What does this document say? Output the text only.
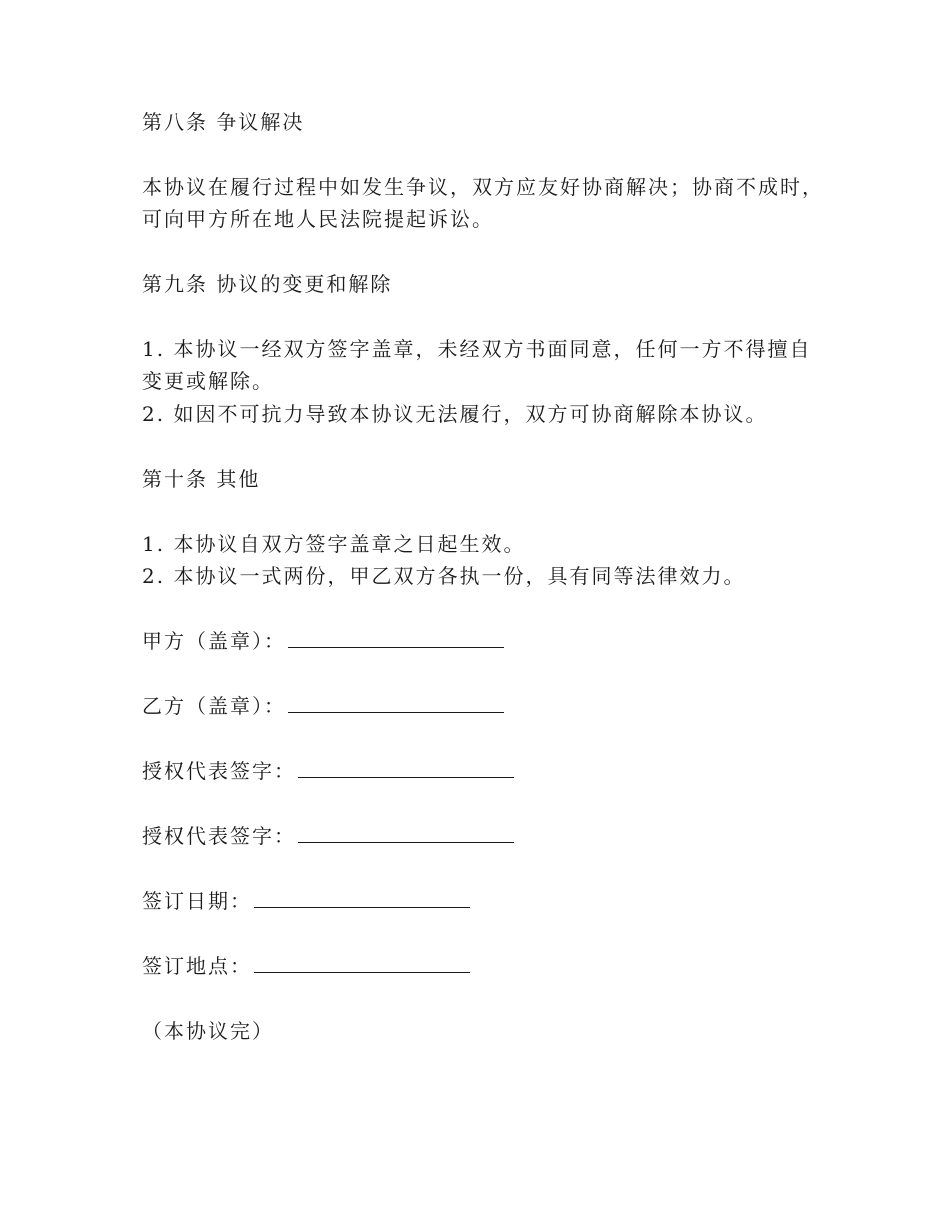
第八条 争议解决
本协议在履行过程中如发生争议，双方应友好协商解决；协商不成时，
可向甲方所在地人民法院提起诉讼。
第九条 协议的变更和解除
1. 本协议一经双方签字盖章，未经双方书面同意，任何一方不得擅自
变更或解除。
2. 如因不可抗力导致本协议无法履行，双方可协商解除本协议。
第十条 其他
1. 本协议自双方签字盖章之日起生效。
2. 本协议一式两份，甲乙双方各执一份，具有同等法律效力。
甲方（盖章）：
乙方（盖章）：
授权代表签字：
授权代表签字：
签订日期：
签订地点：
（本协议完）
